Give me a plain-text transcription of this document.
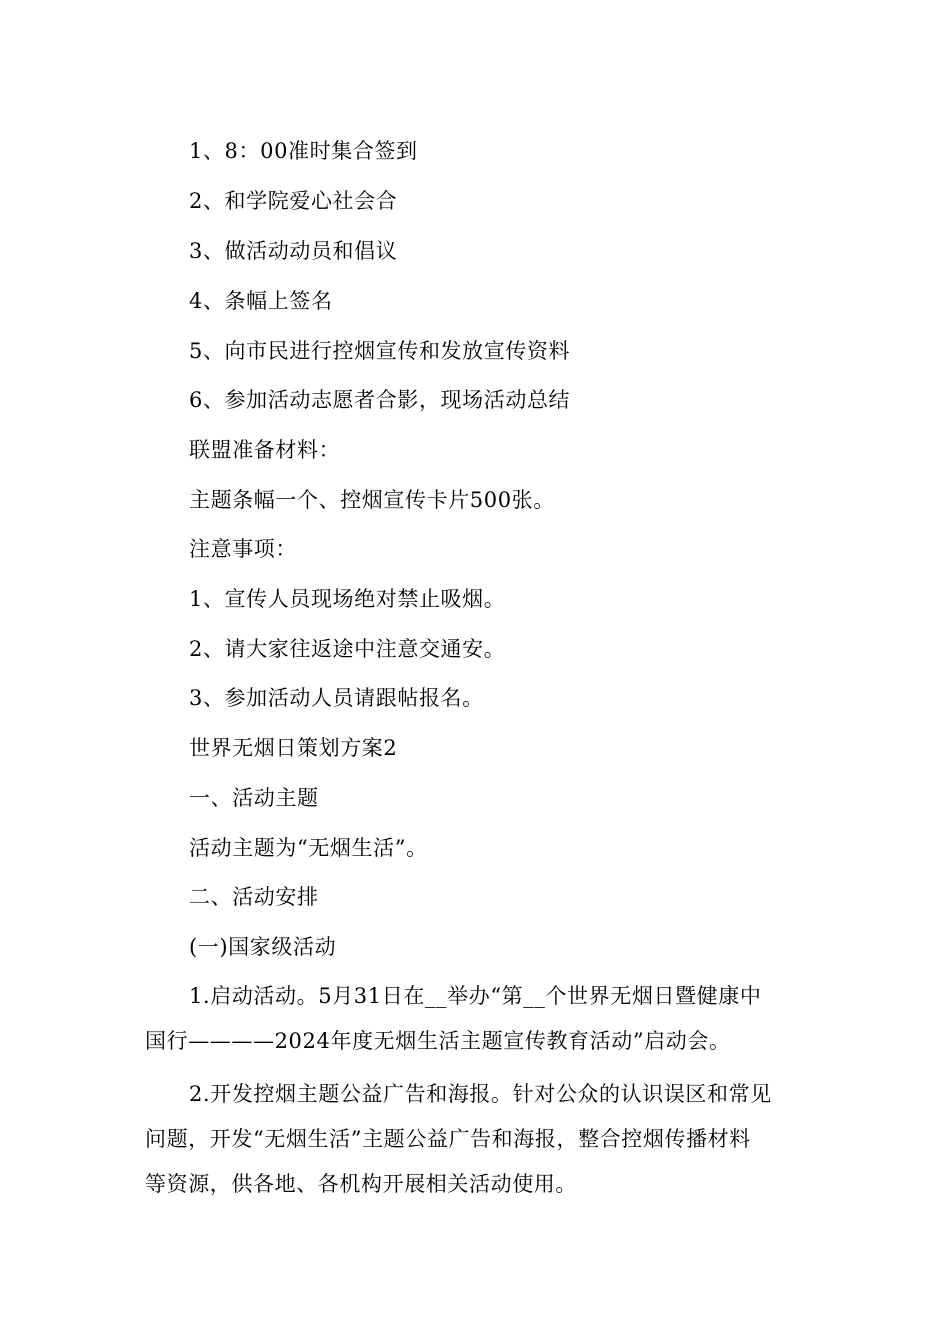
1、8：00准时集合签到
2、和学院爱心社会合
3、做活动动员和倡议
4、条幅上签名
5、向市民进行控烟宣传和发放宣传资料
6、参加活动志愿者合影，现场活动总结
联盟准备材料：
主题条幅一个、控烟宣传卡片500张。
注意事项：
1、宣传人员现场绝对禁止吸烟。
2、请大家往返途中注意交通安。
3、参加活动人员请跟帖报名。
世界无烟日策划方案2
一、活动主题
活动主题为“无烟生活”。
二、活动安排
(一)国家级活动
1.启动活动。5月31日在__举办“第__个世界无烟日暨健康中
国行————2024年度无烟生活主题宣传教育活动”启动会。
2.开发控烟主题公益广告和海报。针对公众的认识误区和常见
问题，开发“无烟生活”主题公益广告和海报，整合控烟传播材料
等资源，供各地、各机构开展相关活动使用。
